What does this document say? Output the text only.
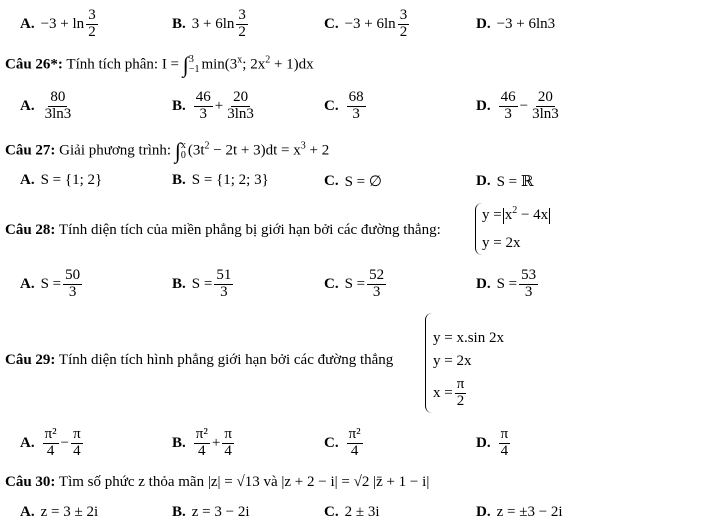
A. $-3 + \ln \frac{3}{2}$	B. $3 + 6\ln \frac{3}{2}$	C. $-3 + 6\ln \frac{3}{2}$	D. −3 + 6ln3
Câu 26*: Tính tích phân: I = ∫ 3
−1 min(3$^x$; $2x^2 + 1)dx$
A. $\frac{80}{3\ln 3}$	B. $\frac{46}{3} + \frac{20}{3\ln 3}$	C. $\frac{68}{3}$	D. $\frac{46}{3} - \frac{20}{3\ln 3}$
Câu 27: Giải phương trình: ∫ x
0 $(3t^2 - 2t + 3)dt = x^3 + 2$
A. S = {1; 2}	B. S = {1; 2; 3}	C. S = ∅	D. S = ℝ
Câu 28: Tính diện tích của miền phẳng bị giới hạn bởi các đường thẳng:
$y = x^2 - 4x$
y = 2x
A. $S = \frac{50}{3}$	B. $S = \frac{51}{3}$	C. $S = \frac{52}{3}$	D. $S = \frac{53}{3}$
Câu 29: Tính diện tích hình phẳng giới hạn bởi các đường thẳng
y = x.sin 2x
y = 2x
$x = \frac{\pi}{2}$
A. $\frac{\text{π²}}{4} - \frac{\pi}{4}$	B. $\frac{\text{π²}}{4} + \frac{\pi}{4}$	C. $\frac{\text{π²}}{4}$	D. $\frac{\pi}{4}$
Câu 30: Tìm số phức z thỏa mãn |z| = √13 và |z + 2 − i| = √2 |z̄ + 1 − i|
A. z = 3 ± 2i	B. z = 3 − 2i	C. 2 ± 3i	D. z = ±3 − 2i
